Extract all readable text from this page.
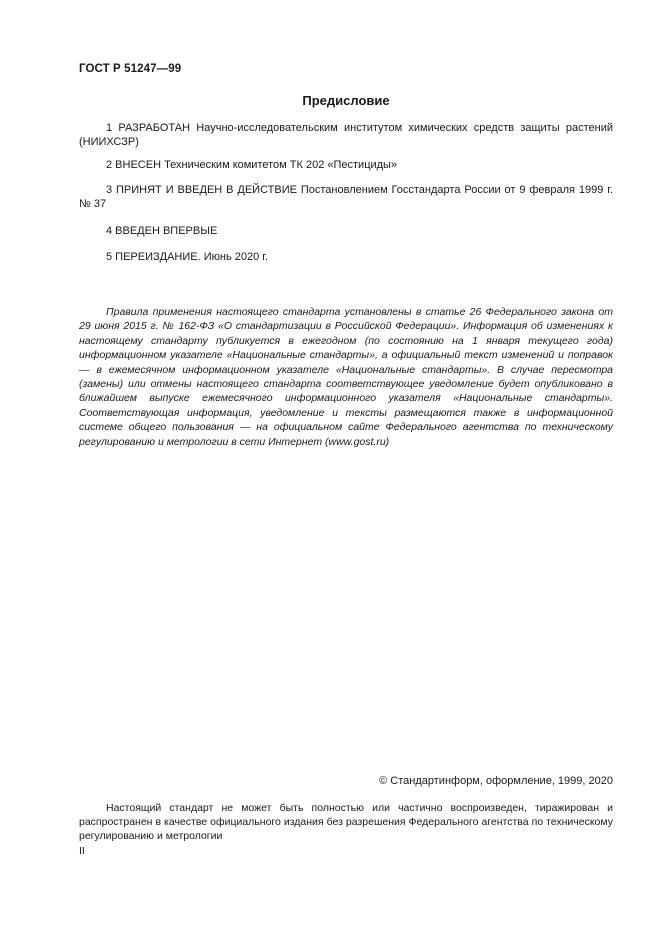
ГОСТ Р 51247—99
Предисловие
1 РАЗРАБОТАН Научно-исследовательским институтом химических средств защиты растений (НИИХСЗР)
2 ВНЕСЕН Техническим комитетом ТК 202 «Пестициды»
3 ПРИНЯТ И ВВЕДЕН В ДЕЙСТВИЕ Постановлением Госстандарта России от 9 февраля 1999 г. № 37
4 ВВЕДЕН ВПЕРВЫЕ
5 ПЕРЕИЗДАНИЕ. Июнь 2020 г.
Правила применения настоящего стандарта установлены в статье 26 Федерального закона от 29 июня 2015 г. № 162-ФЗ «О стандартизации в Российской Федерации». Информация об изменениях к настоящему стандарту публикуется в ежегодном (по состоянию на 1 января текущего года) информационном указателе «Национальные стандарты», а официальный текст изменений и поправок — в ежемесячном информационном указателе «Национальные стандарты». В случае пересмотра (замены) или отмены настоящего стандарта соответствующее уведомление будет опубликовано в ближайшем выпуске ежемесячного информационного указателя «Национальные стандарты». Соответствующая информация, уведомление и тексты размещаются также в информационной системе общего пользования — на официальном сайте Федерального агентства по техническому регулированию и метрологии в сети Интернет (www.gost.ru)
© Стандартинформ, оформление, 1999, 2020
Настоящий стандарт не может быть полностью или частично воспроизведен, тиражирован и распространен в качестве официального издания без разрешения Федерального агентства по техническому регулированию и метрологии
II
